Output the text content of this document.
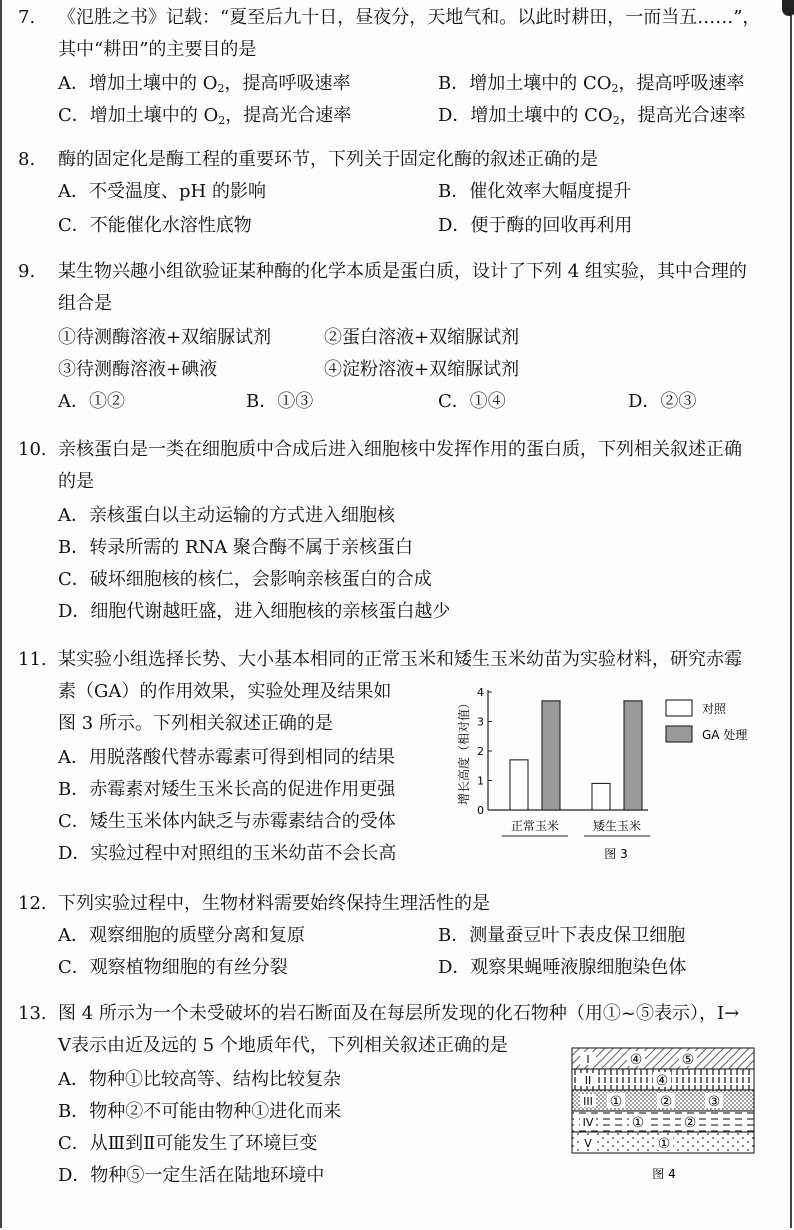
7.	《氾胜之书》记载：“夏至后九十日，昼夜分，天地气和。以此时耕田，一而当五……”，
其中“耕田”的主要目的是
A．增加土壤中的 $O_2$，提高呼吸速率	B．增加土壤中的 $CO_2$，提高呼吸速率
C．增加土壤中的 $O_2$，提高光合速率	D．增加土壤中的 $CO_2$，提高光合速率
8.	酶的固定化是酶工程的重要环节，下列关于固定化酶的叙述正确的是
A．不受温度、pH 的影响	B．催化效率大幅度提升
C．不能催化水溶性底物	D．便于酶的回收再利用
9.	某生物兴趣小组欲验证某种酶的化学本质是蛋白质，设计了下列 4 组实验，其中合理的
组合是
①待测酶溶液+双缩脲试剂	②蛋白溶液+双缩脲试剂
③待测酶溶液+碘液	④淀粉溶液+双缩脲试剂
A．①②	B．①③	C．①④	D．②③
10. 亲核蛋白是一类在细胞质中合成后进入细胞核中发挥作用的蛋白质，下列相关叙述正确
的是
A．亲核蛋白以主动运输的方式进入细胞核
B．转录所需的 RNA 聚合酶不属于亲核蛋白
C．破坏细胞核的核仁，会影响亲核蛋白的合成
D．细胞代谢越旺盛，进入细胞核的亲核蛋白越少
11. 某实验小组选择长势、大小基本相同的正常玉米和矮生玉米幼苗为实验材料，研究赤霉
素（GA）的作用效果，实验处理及结果如
图 3 所示。下列相关叙述正确的是
A．用脱落酸代替赤霉素可得到相同的结果
B．赤霉素对矮生玉米长高的促进作用更强
C．矮生玉米体内缺乏与赤霉素结合的受体
D．实验过程中对照组的玉米幼苗不会长高
增长高度（相对值）
0
1
2
3
4
正常玉米	矮生玉米
图 3
对照
GA 处理
12. 下列实验过程中，生物材料需要始终保持生理活性的是
A．观察细胞的质壁分离和复原	B．测量蚕豆叶下表皮保卫细胞
C．观察植物细胞的有丝分裂	D．观察果蝇唾液腺细胞染色体
13. 图 4 所示为一个未受破坏的岩石断面及在每层所发现的化石物种（用①~⑤表示），I→
V表示由近及远的 5 个地质年代，下列相关叙述正确的是
A．物种①比较高等、结构比较复杂
B．物种②不可能由物种①进化而来
C．从Ⅲ到Ⅱ可能发生了环境巨变
D．物种⑤一定生活在陆地环境中
I	④	⑤
II	④
III ①	②	③
IV	①	②
V	①
图 4
